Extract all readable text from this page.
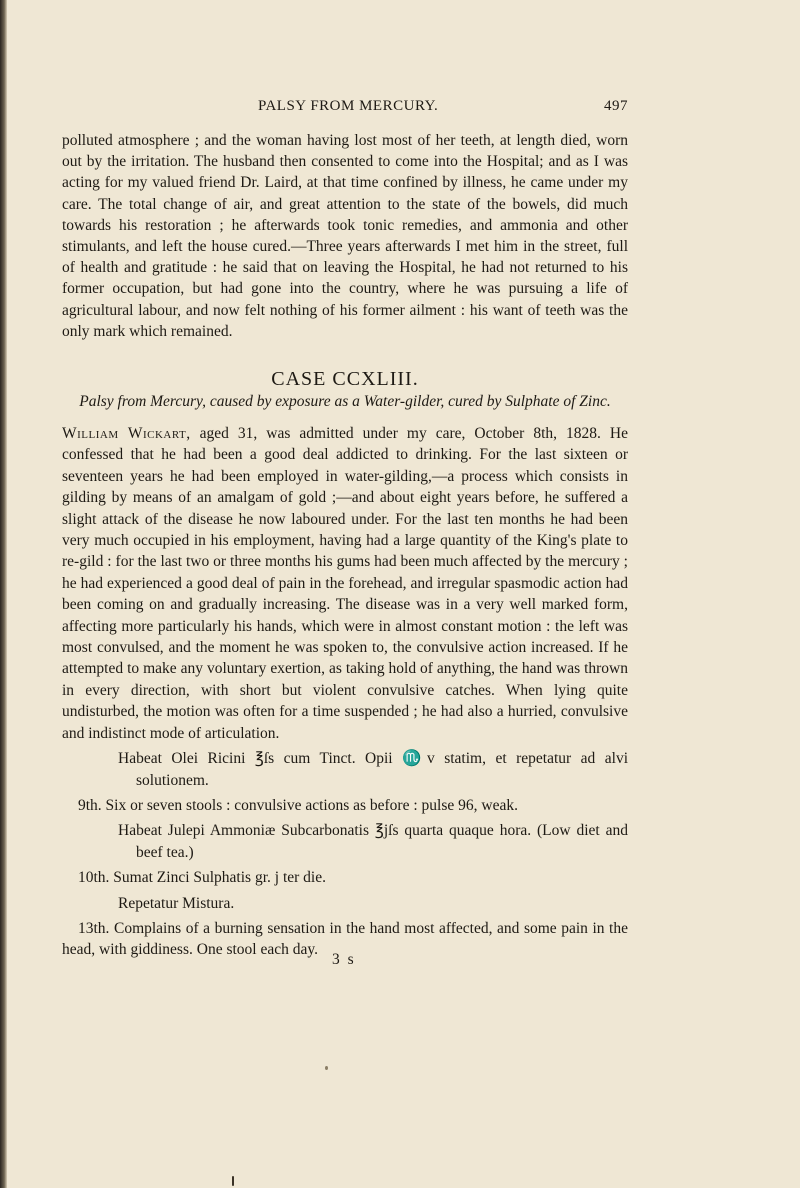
PALSY FROM MERCURY.	497

polluted atmosphere ; and the woman having lost most of her teeth, at length died, worn out by the irritation. The husband then consented to come into the Hospital; and as I was acting for my valued friend Dr. Laird, at that time confined by illness, he came under my care. The total change of air, and great attention to the state of the bowels, did much towards his restoration ; he afterwards took tonic remedies, and ammonia and other stimulants, and left the house cured.—Three years afterwards I met him in the street, full of health and gratitude : he said that on leaving the Hospital, he had not returned to his former occupation, but had gone into the country, where he was pursuing a life of agricultural labour, and now felt nothing of his former ailment : his want of teeth was the only mark which remained.

CASE CCXLIII.
Palsy from Mercury, caused by exposure as a Water-gilder, cured by Sulphate of Zinc.

William Wickart, aged 31, was admitted under my care, October 8th, 1828. He confessed that he had been a good deal addicted to drinking. For the last sixteen or seventeen years he had been employed in water-gilding,—a process which consists in gilding by means of an amalgam of gold ;—and about eight years before, he suffered a slight attack of the disease he now laboured under. For the last ten months he had been very much occupied in his employment, having had a large quantity of the King's plate to re-gild : for the last two or three months his gums had been much affected by the mercury ; he had experienced a good deal of pain in the forehead, and irregular spasmodic action had been coming on and gradually increasing. The disease was in a very well marked form, affecting more particularly his hands, which were in almost constant motion : the left was most convulsed, and the moment he was spoken to, the convulsive action increased. If he attempted to make any voluntary exertion, as taking hold of anything, the hand was thrown in every direction, with short but violent convulsive catches. When lying quite undisturbed, the motion was often for a time suspended ; he had also a hurried, convulsive and indistinct mode of articulation.

Habeat Olei Ricini ℥ſs cum Tinct. Opii ♏v statim, et repetatur ad alvi solutionem.

9th. Six or seven stools : convulsive actions as before : pulse 96, weak.

Habeat Julepi Ammoniæ Subcarbonatis ℥jſs quarta quaque hora. (Low diet and beef tea.)

10th. Sumat Zinci Sulphatis gr. j ter die.

Repetatur Mistura.

13th. Complains of a burning sensation in the hand most affected, and some pain in the head, with giddiness. One stool each day.

3 s
